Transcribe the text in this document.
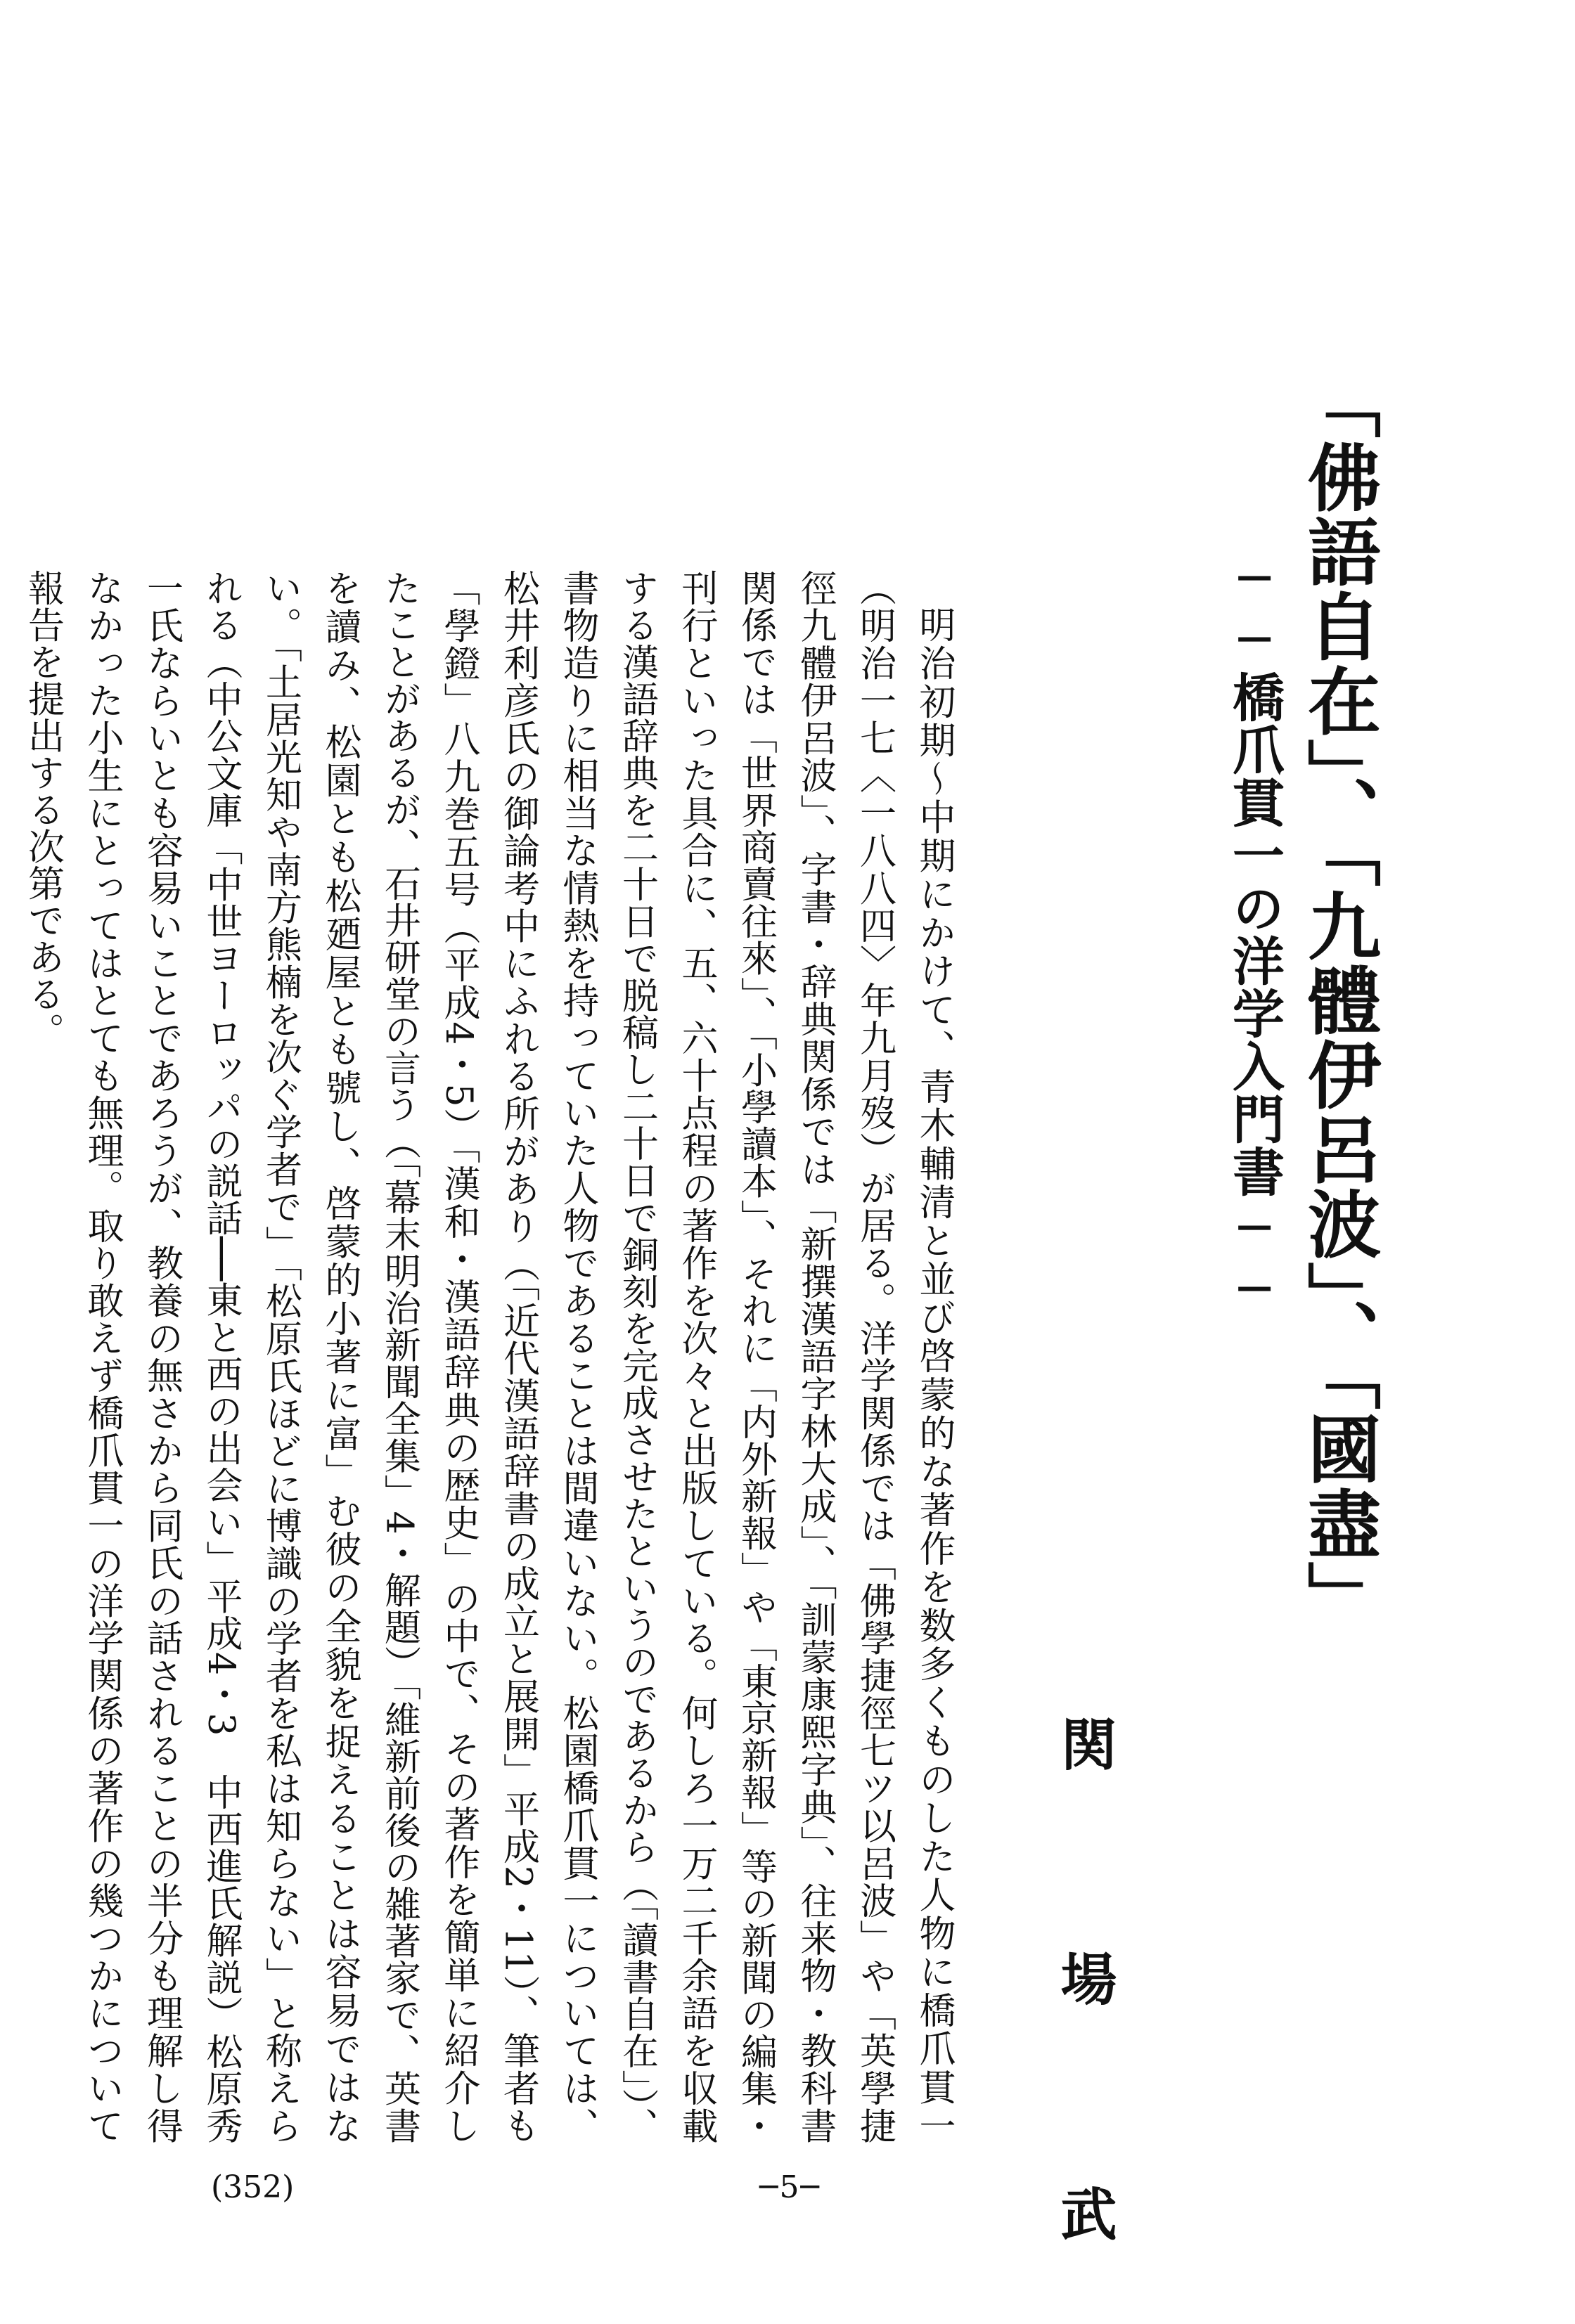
「佛語自在」、「九體伊呂波」、「國盡」
──橋爪貫一の洋学入門書──
関 場 武

明治初期～中期にかけて、青木輔清と並び啓蒙的な著作を数多くものした人物に橋爪貫一（明治一七〈一八八四〉年九月歿）が居る。洋学関係では「佛學捷徑七ツ以呂波」や「英學捷徑九體伊呂波」、字書・辞典関係では「新撰漢語字林大成」、「訓蒙康熙字典」、往来物・教科書関係では「世界商賣往來」、「小學讀本」、それに「内外新報」や「東京新報」等の新聞の編集・刊行といった具合に、五、六十点程の著作を次々と出版している。何しろ一万二千余語を収載する漢語辞典を二十日で脱稿し二十日で銅刻を完成させたというのであるから（「讀書自在」）、書物造りに相当な情熱を持っていた人物であることは間違いない。松園橋爪貫一については、松井利彦氏の御論考中にふれる所があり（「近代漢語辞書の成立と展開」平成2・11）、筆者も「學鐙」八九巻五号（平成4・5）「漢和・漢語辞典の歴史」の中で、その著作を簡単に紹介したことがあるが、石井研堂の言う（「幕末明治新聞全集」4・解題）「維新前後の雑著家で、英書を讀み、松園とも松廼屋とも號し、啓蒙的小著に富」む彼の全貌を捉えることは容易ではない。「土居光知や南方熊楠を次ぐ学者で」「松原氏ほどに博識の学者を私は知らない」と称えられる（中公文庫「中世ヨーロッパの説話──東と西の出会い」平成4・3　中西進氏解説）松原秀一氏ならいとも容易いことであろうが、教養の無さから同氏の話されることの半分も理解し得なかった小生にとってはとても無理。取り敢えず橋爪貫一の洋学関係の著作の幾つかについて報告を提出する次第である。

─5─
(352)
